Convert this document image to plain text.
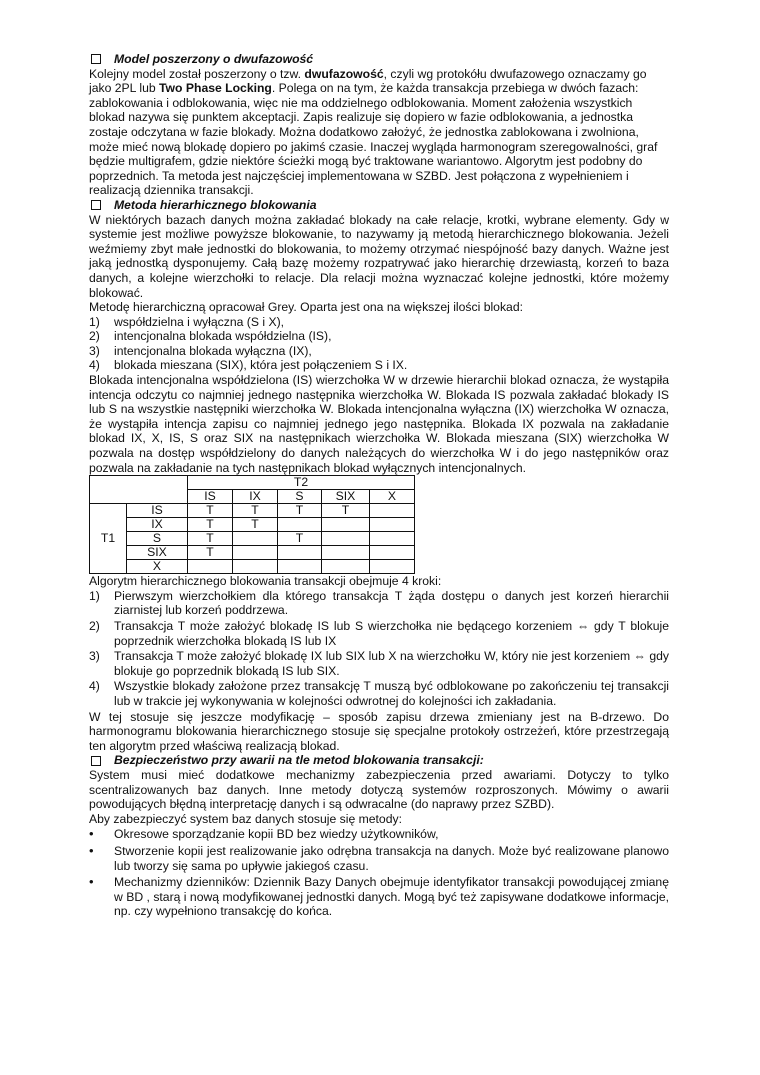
Model poszerzony o dwufazowość

Kolejny model został poszerzony o tzw. dwufazowość, czyli wg protokółu dwufazowego oznaczamy go jako 2PL lub Two Phase Locking. Polega on na tym, że każda transakcja przebiega w dwóch fazach: zablokowania i odblokowania, więc nie ma oddzielnego odblokowania. Moment założenia wszystkich blokad nazywa się punktem akceptacji. Zapis realizuje się dopiero w fazie odblokowania, a jednostka zostaje odczytana w fazie blokady. Można dodatkowo założyć, że jednostka zablokowana i zwolniona, może mieć nową blokadę dopiero po jakimś czasie. Inaczej wygląda harmonogram szeregowalności, graf będzie multigrafem, gdzie niektóre ścieżki mogą być traktowane wariantowo. Algorytm jest podobny do poprzednich. Ta metoda jest najczęściej implementowana w SZBD. Jest połączona z wypełnieniem i realizacją dziennika transakcji.

Metoda hierarhicznego blokowania

W niektórych bazach danych można zakładać blokady na całe relacje, krotki, wybrane elementy. Gdy w systemie jest możliwe powyższe blokowanie, to nazywamy ją metodą hierarchicznego blokowania. Jeżeli weźmiemy zbyt małe jednostki do blokowania, to możemy otrzymać niespójność bazy danych. Ważne jest jaką jednostką dysponujemy. Całą bazę możemy rozpatrywać jako hierarchię drzewiastą, korzeń to baza danych, a kolejne wierzchołki to relacje. Dla relacji można wyznaczać kolejne jednostki, które możemy blokować.

Metodę hierarchiczną opracował Grey. Oparta jest ona na większej ilości blokad:

1)	współdzielna i wyłączna (S i X),
2)	intencjonalna blokada współdzielna (IS),
3)	intencjonalna blokada wyłączna (IX),
4)	blokada mieszana (SIX), która jest połączeniem S i IX.

Blokada intencjonalna współdzielona (IS) wierzchołka W w drzewie hierarchii blokad oznacza, że wystąpiła intencja odczytu co najmniej jednego następnika wierzchołka W. Blokada IS pozwala zakładać blokady IS lub S na wszystkie następniki wierzchołka W. Blokada intencjonalna wyłączna (IX) wierzchołka W oznacza, że wystąpiła intencja zapisu co najmniej jednego jego następnika. Blokada IX pozwala na zakładanie blokad IX, X, IS, S oraz SIX na następnikach wierzchołka W. Blokada mieszana (SIX) wierzchołka W pozwala na dostęp współdzielony do danych należących do wierzchołka W i do jego następników oraz pozwala na zakładanie na tych następnikach blokad wyłącznych intencjonalnych.

		T2				
		IS	IX	S	SIX	X
T1	IS	T	T	T	T	
	IX	T	T			
	S	T		T		
	SIX	T				
	X					

Algorytm hierarchicznego blokowania transakcji obejmuje 4 kroki:

1)	Pierwszym wierzchołkiem dla którego transakcja T żąda dostępu o danych jest korzeń hierarchii ziarnistej lub korzeń poddrzewa.
2)	Transakcja T może założyć blokadę IS lub S wierzchołka nie będącego korzeniem ⇔ gdy T blokuje poprzednik wierzchołka blokadą IS lub IX
3)	Transakcja T może założyć blokadę IX lub SIX lub X na wierzchołku W, który nie jest korzeniem ⇔ gdy blokuje go poprzednik blokadą IS lub SIX.
4)	Wszystkie blokady założone przez transakcję T muszą być odblokowane po zakończeniu tej transakcji lub w trakcie jej wykonywania w kolejności odwrotnej do kolejności ich zakładania.

W tej stosuje się jeszcze modyfikację – sposób zapisu drzewa zmieniany jest na B-drzewo. Do harmonogramu blokowania hierarchicznego stosuje się specjalne protokoły ostrzeżeń, które przestrzegają ten algorytm przed właściwą realizacją blokad.

Bezpieczeństwo przy awarii na tle metod blokowania transakcji:

System musi mieć dodatkowe mechanizmy zabezpieczenia przed awariami. Dotyczy to tylko scentralizowanych baz danych. Inne metody dotyczą systemów rozproszonych. Mówimy o awarii powodujących błędną interpretację danych i są odwracalne (do naprawy przez SZBD).

Aby zabezpieczyć system baz danych stosuje się metody:

•	Okresowe sporządzanie kopii BD bez wiedzy użytkowników,
•	Stworzenie kopii jest realizowanie jako odrębna transakcja na danych. Może być realizowane planowo lub tworzy się sama po upływie jakiegoś czasu.
•	Mechanizmy dzienników: Dziennik Bazy Danych obejmuje identyfikator transakcji powodującej zmianę w BD , starą i nową modyfikowanej jednostki danych. Mogą być też zapisywane dodatkowe informacje, np. czy wypełniono transakcję do końca.
